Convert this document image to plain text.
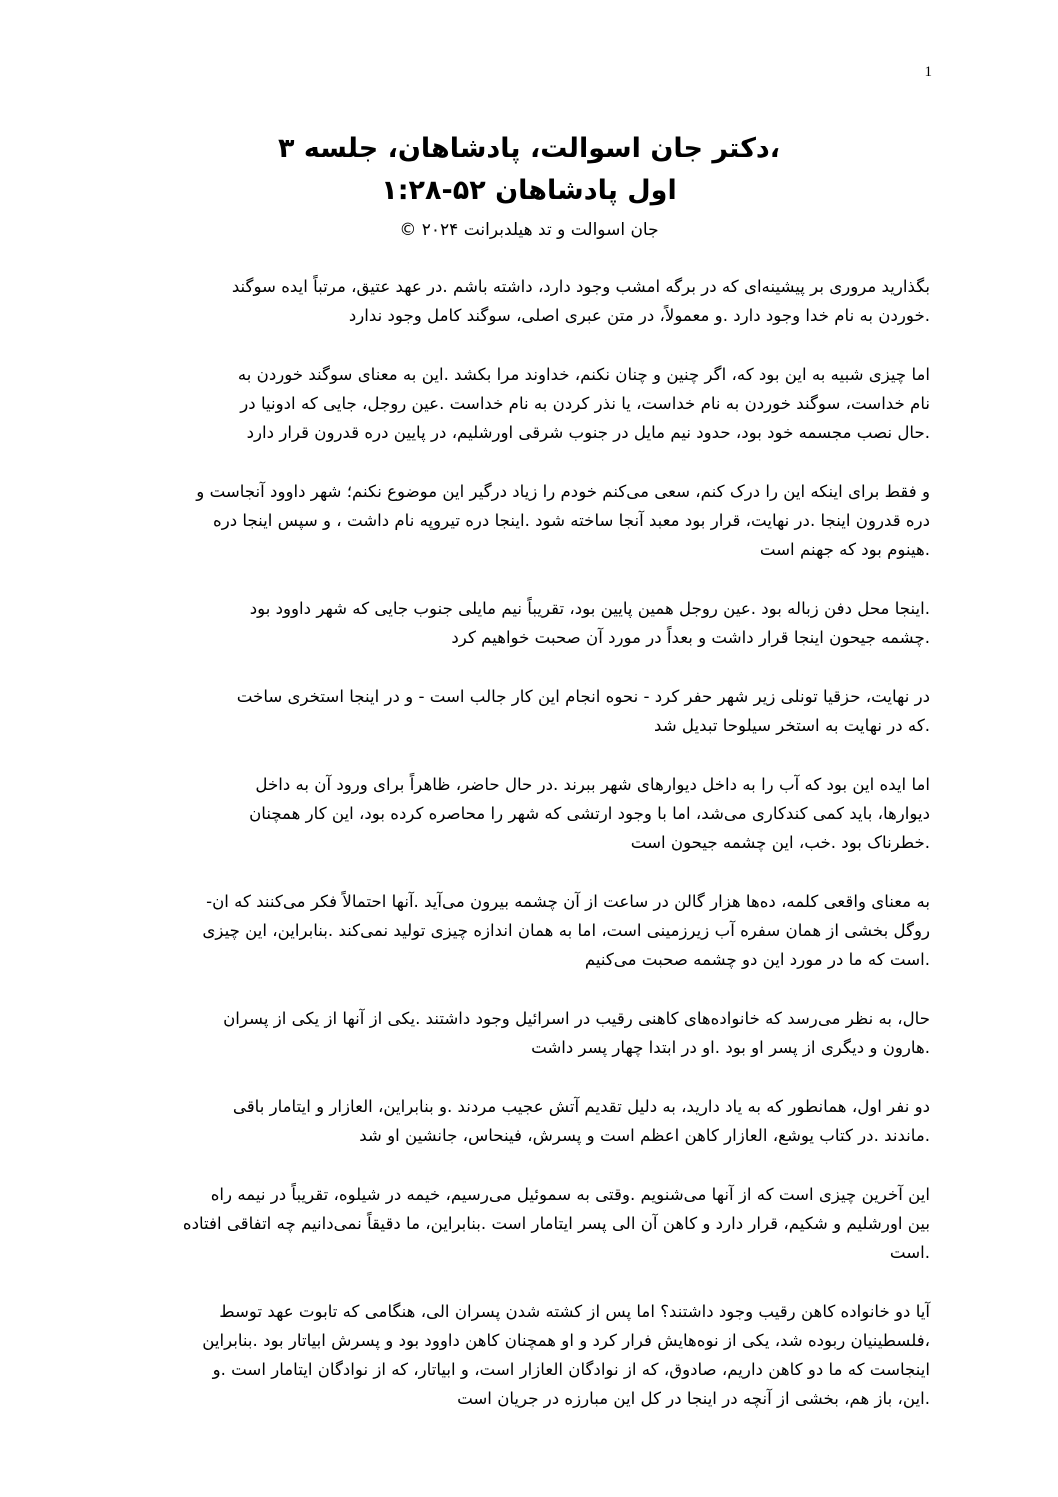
1
،دکتر جان اسوالت، پادشاهان، جلسه ۳
اول پادشاهان ۵۲-۱:۲۸
جان اسوالت و تد هیلدبرانت ۲۰۲۴ ©

بگذارید مروری بر پیشینه‌ای که در برگه امشب وجود دارد، داشته باشم .در عهد عتیق، مرتباً ایده سوگند
.خوردن به نام خدا وجود دارد .و معمولاً، در متن عبری اصلی، سوگند کامل وجود ندارد

اما چیزی شبیه به این بود که، اگر چنین و چنان نکنم، خداوند مرا بکشد .این به معنای سوگند خوردن به
نام خداست، سوگند خوردن به نام خداست، یا نذر کردن به نام خداست .عین روجل، جایی که ادونیا در
.حال نصب مجسمه خود بود، حدود نیم مایل در جنوب شرقی اورشلیم، در پایین دره قدرون قرار دارد

و فقط برای اینکه این را درک کنم، سعی می‌کنم خودم را زیاد درگیر این موضوع نکنم؛ شهر داوود آنجاست و
دره قدرون اینجا .در نهایت، قرار بود معبد آنجا ساخته شود .اینجا دره تیروپه نام داشت ، و سپس اینجا دره
.هینوم بود که جهنم است

.اینجا محل دفن زباله بود .عین روجل همین پایین بود، تقریباً نیم مایلی جنوب جایی که شهر داوود بود
.چشمه جیحون اینجا قرار داشت و بعداً در مورد آن صحبت خواهیم کرد

در نهایت، حزقیا تونلی زیر شهر حفر کرد - نحوه انجام این کار جالب است - و در اینجا استخری ساخت
.که در نهایت به استخر سیلوحا تبدیل شد

اما ایده این بود که آب را به داخل دیوارهای شهر ببرند .در حال حاضر، ظاهراً برای ورود آن به داخل
دیوارها، باید کمی کندکاری می‌شد، اما با وجود ارتشی که شهر را محاصره کرده بود، این کار همچنان
.خطرناک بود .خب، این چشمه جیحون است

به معنای واقعی کلمه، ده‌ها هزار گالن در ساعت از آن چشمه بیرون می‌آید .آنها احتمالاً فکر می‌کنند که ان-
روگل بخشی از همان سفره آب زیرزمینی است، اما به همان اندازه چیزی تولید نمی‌کند .بنابراین، این چیزی
.است که ما در مورد این دو چشمه صحبت می‌کنیم

حال، به نظر می‌رسد که خانواده‌های کاهنی رقیب در اسرائیل وجود داشتند .یکی از آنها از یکی از پسران
.هارون و دیگری از پسر او بود .او در ابتدا چهار پسر داشت

دو نفر اول، همانطور که به یاد دارید، به دلیل تقدیم آتش عجیب مردند .و بنابراین، العازار و ایتامار باقی
.ماندند .در کتاب یوشع، العازار کاهن اعظم است و پسرش، فینحاس، جانشین او شد

این آخرین چیزی است که از آنها می‌شنویم .وقتی به سموئیل می‌رسیم، خیمه در شیلوه، تقریباً در نیمه راه
بین اورشلیم و شکیم، قرار دارد و کاهن آن الی پسر ایتامار است .بنابراین، ما دقیقاً نمی‌دانیم چه اتفاقی افتاده
.است

آیا دو خانواده کاهن رقیب وجود داشتند؟ اما پس از کشته شدن پسران الی، هنگامی که تابوت عهد توسط
،فلسطینیان ربوده شد، یکی از نوه‌هایش فرار کرد و او همچنان کاهن داوود بود و پسرش ابیاتار بود .بنابراین
اینجاست که ما دو کاهن داریم، صادوق، که از نوادگان العازار است، و ابیاتار، که از نوادگان ایتامار است .و
.این، باز هم، بخشی از آنچه در اینجا در کل این مبارزه در جریان است
